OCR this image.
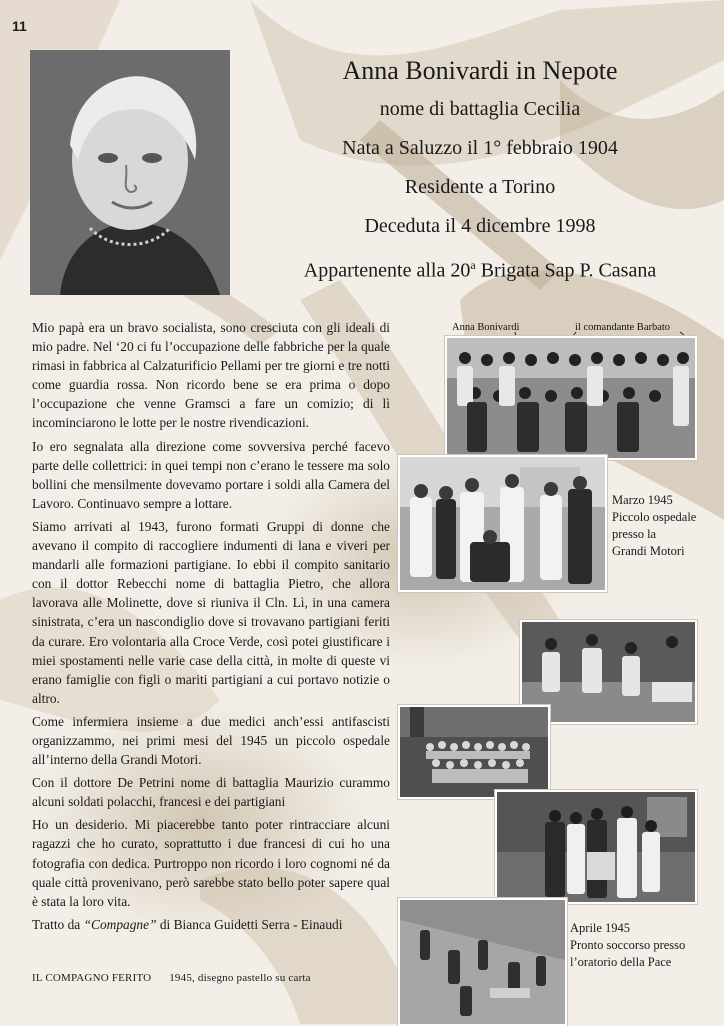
11
Anna Bonivardi in Nepote
nome di battaglia Cecilia
Nata a Saluzzo il 1° febbraio 1904
Residente a Torino
Deceduta il 4 dicembre 1998
Appartenente alla 20$^a$ Brigata Sap P. Casana

Mio papà era un bravo socialista, sono cresciuta con gli ideali di mio padre. Nel ‘20 ci fu l’occupazione delle fabbriche per la quale rimasi in fabbrica al Calzaturificio Pellami per tre giorni e tre notti come guardia rossa. Non ricordo bene se era prima o dopo l’occupazione che venne Gramsci a fare un comizio; di lì incominciarono le lotte per le nostre rivendicazioni.

Io ero segnalata alla direzione come sovversiva perché facevo parte delle collettrici: in quei tempi non c’erano le tessere ma solo bollini che mensilmente dovevamo portare i soldi alla Camera del Lavoro. Continuavo sempre a lottare.

Siamo arrivati al 1943, furono formati Gruppi di donne che avevano il compito di raccogliere indumenti di lana e viveri per mandarli alle formazioni partigiane. Io ebbi il compito sanitario con il dottor Rebecchi nome di battaglia Pietro, che allora lavorava alle Molinette, dove si riuniva il Cln. Lì, in una camera sinistrata, c’era un nascondiglio dove si trovavano partigiani feriti da curare. Ero volontaria alla Croce Verde, così potei giustificare i miei spostamenti nelle varie case della città, in molte di queste vi erano famiglie con figli o mariti partigiani a cui portavo notizie o altro.

Come infermiera insieme a due medici anch’essi antifascisti organizzammo, nei primi mesi del 1945 un piccolo ospedale all’interno della Grandi Motori.

Con il dottore De Petrini nome di battaglia Maurizio curammo alcuni soldati polacchi, francesi e dei partigiani

Ho un desiderio. Mi piacerebbe tanto poter rintracciare alcuni ragazzi che ho curato, soprattutto i due francesi di cui ho una fotografia con dedica. Purtroppo non ricordo i loro cognomi né da quale città provenivano, però sarebbe stato bello poter sapere qual è stata la loro vita.

Tratto da “Compagne” di Bianca Guidetti Serra - Einaudi

Anna Bonivardi	il comandante Barbato
Marzo 1945
Piccolo ospedale
presso la
Grandi Motori
Aprile 1945
Pronto soccorso presso
l’oratorio della Pace
IL COMPAGNO FERITO 1945, disegno pastello su carta
